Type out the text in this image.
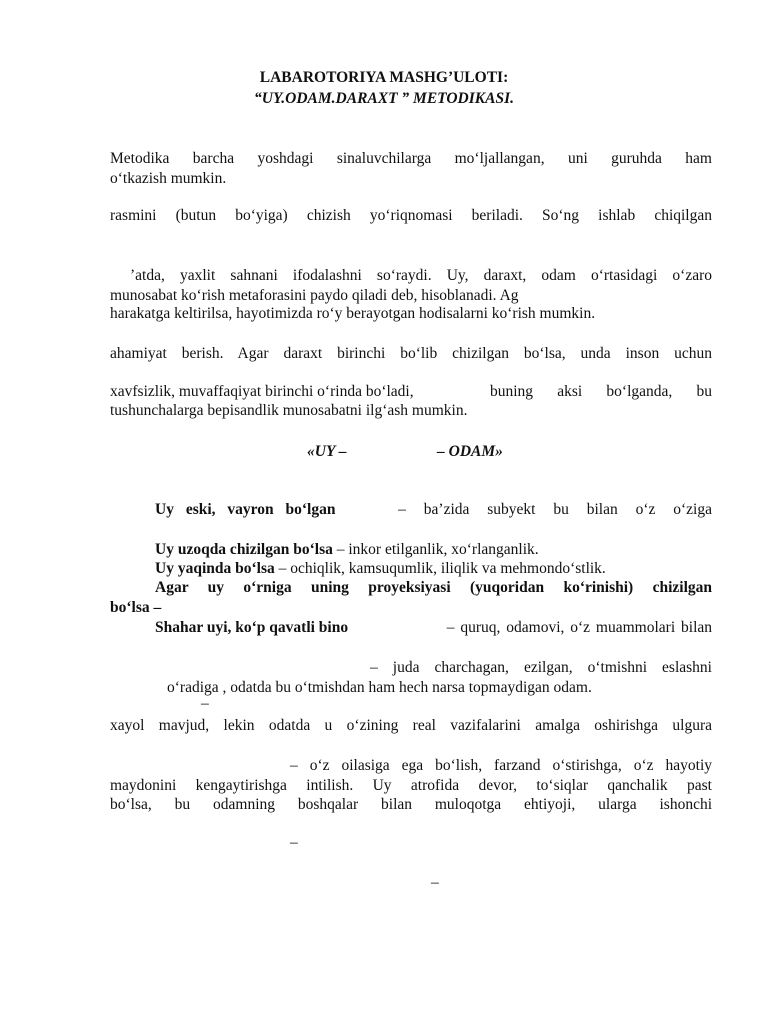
LABAROTORIYA MASHG’ULOTI:
“UY.ODAM.DARAXT ” METODIKASI.
Metodika barcha yoshdagi sinaluvchilarga mo‘ljallangan, uni guruhda ham
o‘tkazish mumkin.
rasmini (butun bo‘yiga) chizish yo‘riqnomasi beriladi. So‘ng ishlab chiqilgan
’atda, yaxlit sahnani ifodalashni so‘raydi. Uy, daraxt, odam o‘rtasidagi o‘zaro
munosabat ko‘rish metaforasini paydo qiladi deb, hisoblanadi. Ag
harakatga keltirilsa, hayotimizda ro‘y berayotgan hodisalarni ko‘rish mumkin.
ahamiyat berish. Agar daraxt birinchi bo‘lib chizilgan bo‘lsa, unda inson uchun
xavfsizlik, muvaffaqiyat birinchi o‘rinda bo‘ladi,	buning aksi bo‘lganda, bu
tushunchalarga bepisandlik munosabatni ilg‘ash mumkin.
«UY –	– ODAM»
Uy eski, vayron bo‘lgan	– ba’zida subyekt bu bilan o‘z o‘ziga
Uy uzoqda chizilgan bo‘lsa – inkor etilganlik, xo‘rlanganlik.
Uy yaqinda bo‘lsa – ochiqlik, kamsuqumlik, iliqlik va mehmondo‘stlik.
Agar uy o‘rniga uning proyeksiyasi (yuqoridan ko‘rinishi) chizilgan
bo‘lsa –
Shahar uyi, ko‘p qavatli bino	– quruq, odamovi, o‘z muammolari bilan
– juda charchagan, ezilgan, o‘tmishni eslashni
o‘radiga , odatda bu o‘tmishdan ham hech narsa topmaydigan odam.
–
xayol mavjud, lekin odatda u o‘zining real vazifalarini amalga oshirishga ulgura
– o‘z oilasiga ega bo‘lish, farzand o‘stirishga, o‘z hayotiy
maydonini kengaytirishga intilish. Uy atrofida devor, to‘siqlar qanchalik past
bo‘lsa, bu odamning boshqalar bilan muloqotga ehtiyoji, ularga ishonchi
–
–
